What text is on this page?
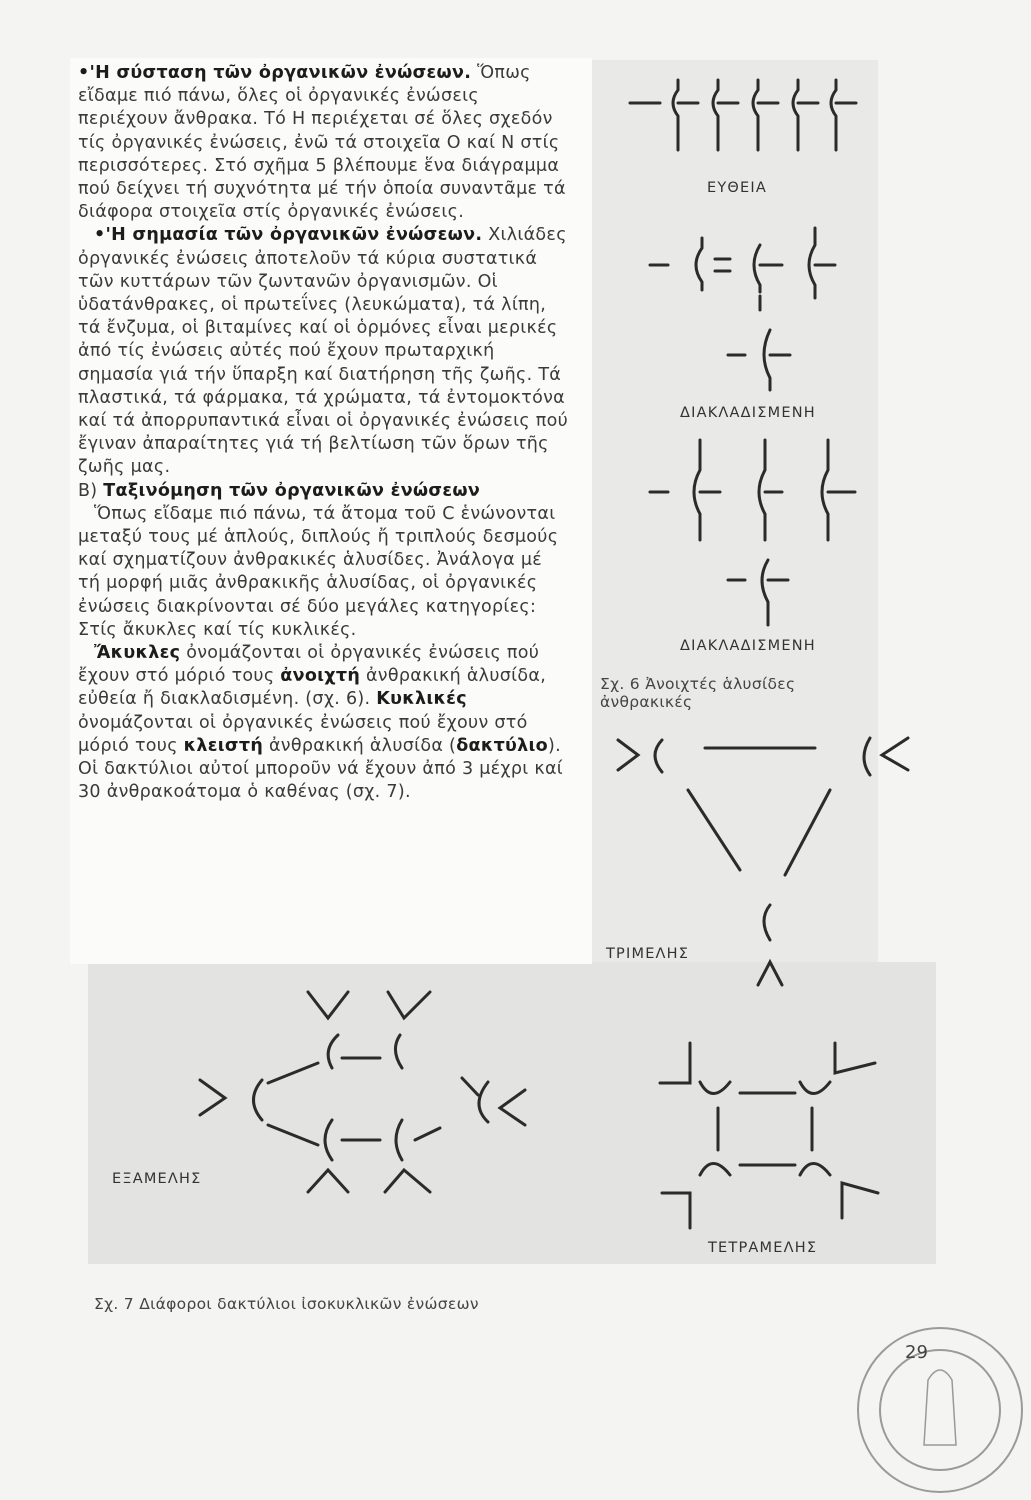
•'Η σύσταση τῶν ὀργανικῶν ἐνώσεων. Ὅπως εἴδαμε πιό πάνω, ὅλες οἱ ὀργανικές ἐνώσεις περιέχουν ἄνθρακα. Τό Η περιέχεται σέ ὅλες σχεδόν τίς ὀργανικές ἐνώσεις, ἐνῶ τά στοιχεῖα Ο καί Ν στίς περισσότερες. Στό σχῆμα 5 βλέπουμε ἕνα διάγραμμα πού δείχνει τή συχνότητα μέ τήν ὁποία συναντᾶμε τά διάφορα στοιχεῖα στίς ὀργανικές ἐνώσεις.

•'Η σημασία τῶν ὀργανικῶν ἐνώσεων. Χιλιάδες ὀργανικές ἐνώσεις ἀποτελοῦν τά κύρια συστατικά τῶν κυττάρων τῶν ζωντανῶν ὀργανισμῶν. Οἱ ὑδατάνθρακες, οἱ πρωτεΐνες (λευκώματα), τά λίπη, τά ἔνζυμα, οἱ βιταμίνες καί οἱ ὁρμόνες εἶναι μερικές ἀπό τίς ἐνώσεις αὐτές πού ἔχουν πρωταρχική σημασία γιά τήν ὕπαρξη καί διατήρηση τῆς ζωῆς. Τά πλαστικά, τά φάρμακα, τά χρώματα, τά ἐντομοκτόνα καί τά ἀπορρυπαντικά εἶναι οἱ ὀργανικές ἐνώσεις πού ἔγιναν ἀπαραίτητες γιά τή βελτίωση τῶν ὅρων τῆς ζωῆς μας.

Β) Ταξινόμηση τῶν ὀργανικῶν ἐνώσεων

Ὅπως εἴδαμε πιό πάνω, τά ἄτομα τοῦ C ἑνώνονται μεταξύ τους μέ ἁπλούς, διπλούς ἤ τριπλούς δεσμούς καί σχηματίζουν ἀνθρακικές ἁλυσίδες. Ἀνάλογα μέ τή μορφή μιᾶς ἀνθρακικῆς ἁλυσίδας, οἱ ὀργανικές ἐνώσεις διακρίνονται σέ δύο μεγάλες κατηγορίες: Στίς ἄκυκλες καί τίς κυκλικές.

Ἄκυκλες ὀνομάζονται οἱ ὀργανικές ἐνώσεις πού ἔχουν στό μόριό τους ἀνοιχτή ἀνθρακική ἁλυσίδα, εὐθεία ἤ διακλαδισμένη. (σχ. 6). Κυκλικές ὀνομάζονται οἱ ὀργανικές ἐνώσεις πού ἔχουν στό μόριό τους κλειστή ἀνθρακική ἁλυσίδα (δακτύλιο). Οἱ δακτύλιοι αὐτοί μποροῦν νά ἔχουν ἀπό 3 μέχρι καί 30 ἀνθρακοάτομα ὁ καθένας (σχ. 7).

ΕΥΘΕΙΑ
ΔΙΑΚΛΑΔΙΣΜΕΝΗ
ΔΙΑΚΛΑΔΙΣΜΕΝΗ
Σχ. 6 Ἀνοιχτές ἁλυσίδες ἀνθρακικές
ΤΡΙΜΕΛΗΣ
ΕΞΑΜΕΛΗΣ
ΤΕΤΡΑΜΕΛΗΣ
Σχ. 7 Διάφοροι δακτύλιοι ἰσοκυκλικῶν ἐνώσεων
29
